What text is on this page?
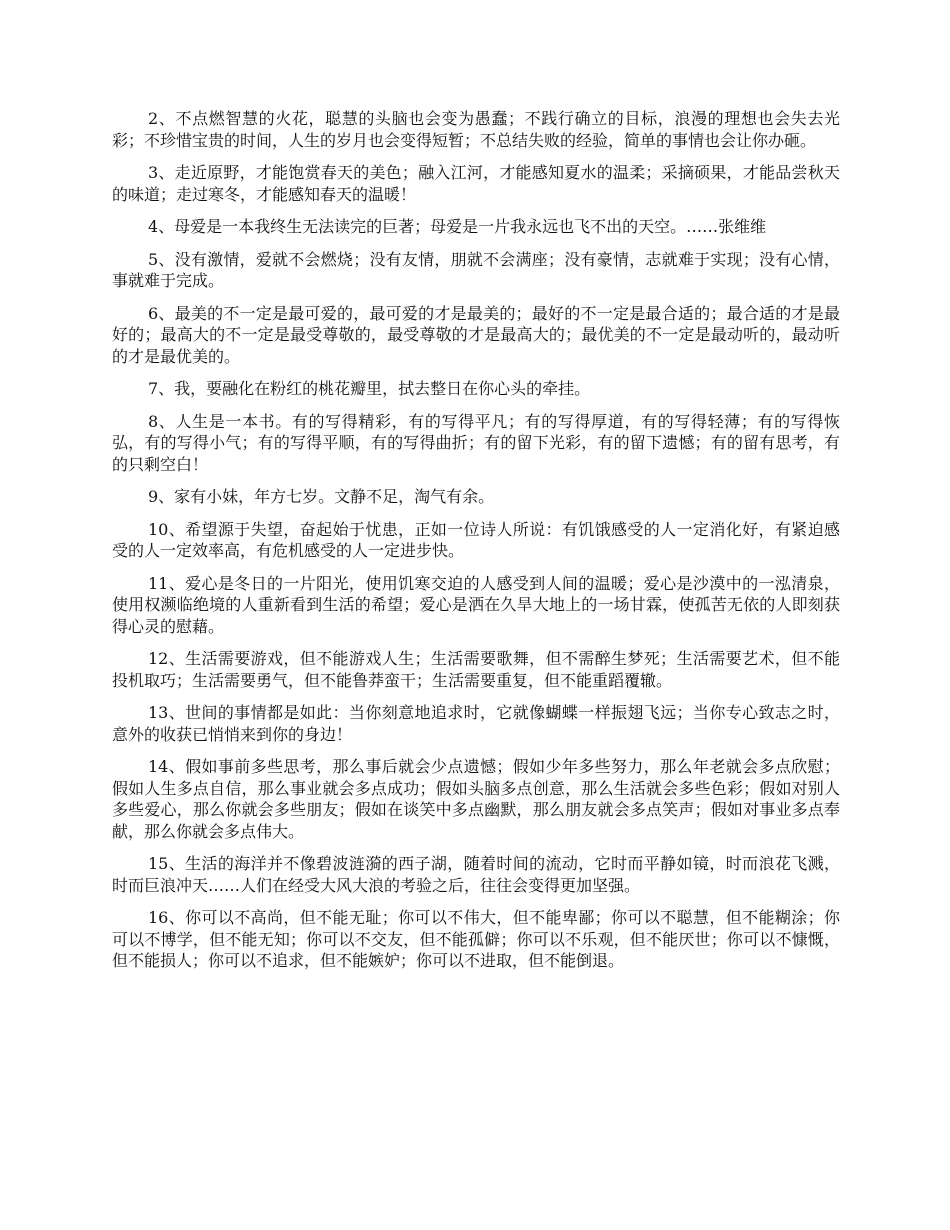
2、不点燃智慧的火花，聪慧的头脑也会变为愚蠢；不践行确立的目标，浪漫的理想也会失去光彩；不珍惜宝贵的时间，人生的岁月也会变得短暂；不总结失败的经验，简单的事情也会让你办砸。

3、走近原野，才能饱赏春天的美色；融入江河，才能感知夏水的温柔；采摘硕果，才能品尝秋天的味道；走过寒冬，才能感知春天的温暖！

4、母爱是一本我终生无法读完的巨著；母爱是一片我永远也飞不出的天空。……张维维

5、没有激情，爱就不会燃烧；没有友情，朋就不会满座；没有豪情，志就难于实现；没有心情，事就难于完成。

6、最美的不一定是最可爱的，最可爱的才是最美的；最好的不一定是最合适的；最合适的才是最好的；最高大的不一定是最受尊敬的，最受尊敬的才是最高大的；最优美的不一定是最动听的，最动听的才是最优美的。

7、我，要融化在粉红的桃花瓣里，拭去整日在你心头的牵挂。

8、人生是一本书。有的写得精彩，有的写得平凡；有的写得厚道，有的写得轻薄；有的写得恢弘，有的写得小气；有的写得平顺，有的写得曲折；有的留下光彩，有的留下遗憾；有的留有思考，有的只剩空白！

9、家有小妹，年方七岁。文静不足，淘气有余。

10、希望源于失望，奋起始于忧患，正如一位诗人所说：有饥饿感受的人一定消化好，有紧迫感受的人一定效率高，有危机感受的人一定进步快。

11、爱心是冬日的一片阳光，使用饥寒交迫的人感受到人间的温暖；爱心是沙漠中的一泓清泉，使用权濒临绝境的人重新看到生活的希望；爱心是洒在久旱大地上的一场甘霖，使孤苦无依的人即刻获得心灵的慰藉。

12、生活需要游戏，但不能游戏人生；生活需要歌舞，但不需醉生梦死；生活需要艺术，但不能投机取巧；生活需要勇气，但不能鲁莽蛮干；生活需要重复，但不能重蹈覆辙。

13、世间的事情都是如此：当你刻意地追求时，它就像蝴蝶一样振翅飞远；当你专心致志之时，意外的收获已悄悄来到你的身边！

14、假如事前多些思考，那么事后就会少点遗憾；假如少年多些努力，那么年老就会多点欣慰；假如人生多点自信，那么事业就会多点成功；假如头脑多点创意，那么生活就会多些色彩；假如对别人多些爱心，那么你就会多些朋友；假如在谈笑中多点幽默，那么朋友就会多点笑声；假如对事业多点奉献，那么你就会多点伟大。

15、生活的海洋并不像碧波涟漪的西子湖，随着时间的流动，它时而平静如镜，时而浪花飞溅，时而巨浪冲天……人们在经受大风大浪的考验之后，往往会变得更加坚强。

16、你可以不高尚，但不能无耻；你可以不伟大，但不能卑鄙；你可以不聪慧，但不能糊涂；你可以不博学，但不能无知；你可以不交友，但不能孤僻；你可以不乐观，但不能厌世；你可以不慷慨，但不能损人；你可以不追求，但不能嫉妒；你可以不进取，但不能倒退。
